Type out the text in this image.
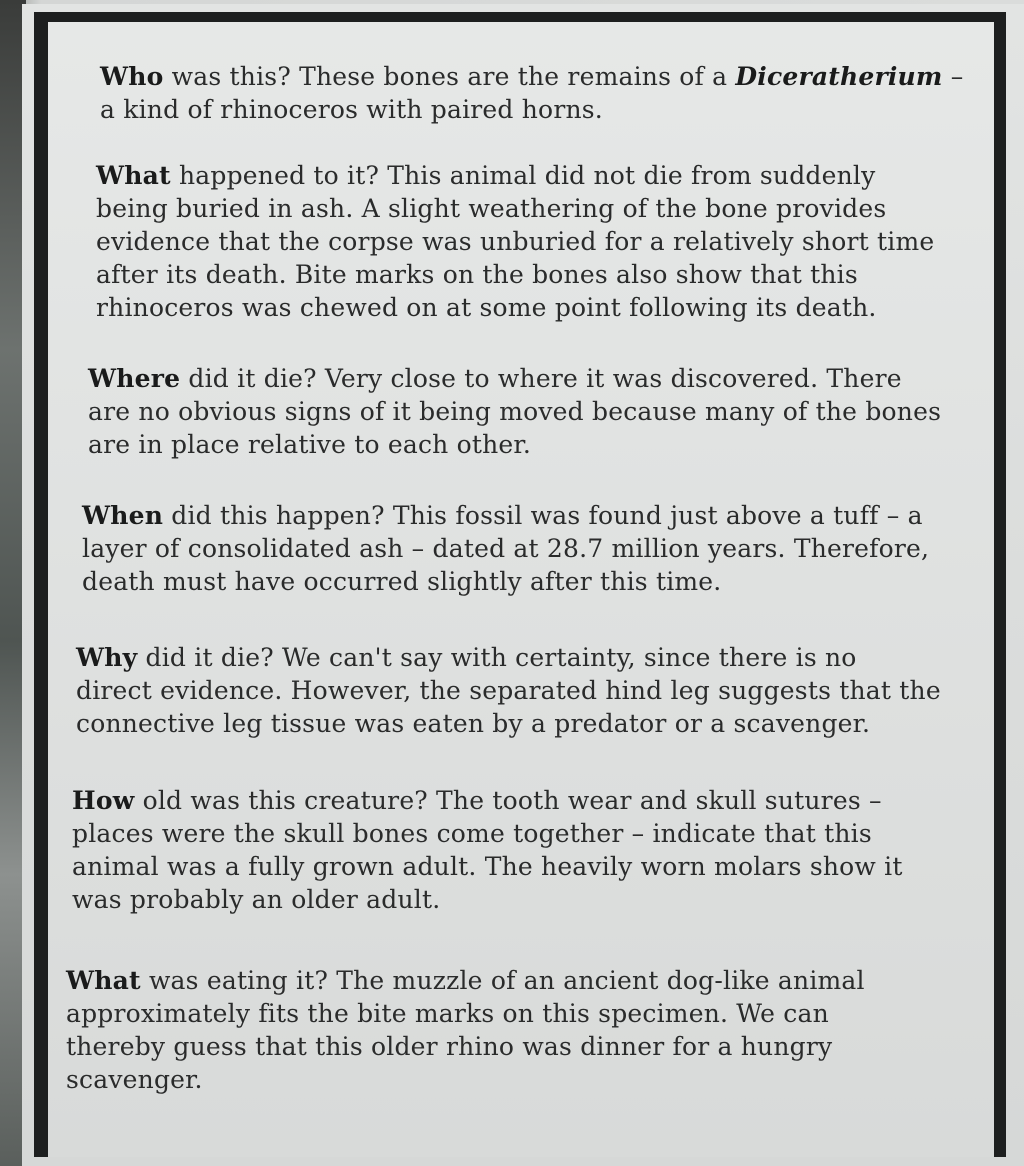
Who was this? These bones are the remains of a Diceratherium –
a kind of rhinoceros with paired horns.

What happened to it? This animal did not die from suddenly
being buried in ash. A slight weathering of the bone provides
evidence that the corpse was unburied for a relatively short time
after its death. Bite marks on the bones also show that this
rhinoceros was chewed on at some point following its death.

Where did it die? Very close to where it was discovered. There
are no obvious signs of it being moved because many of the bones
are in place relative to each other.

When did this happen? This fossil was found just above a tuff – a
layer of consolidated ash – dated at 28.7 million years. Therefore,
death must have occurred slightly after this time.

Why did it die? We can't say with certainty, since there is no
direct evidence. However, the separated hind leg suggests that the
connective leg tissue was eaten by a predator or a scavenger.

How old was this creature? The tooth wear and skull sutures –
places were the skull bones come together – indicate that this
animal was a fully grown adult. The heavily worn molars show it
was probably an older adult.

What was eating it? The muzzle of an ancient dog-like animal
approximately fits the bite marks on this specimen. We can
thereby guess that this older rhino was dinner for a hungry
scavenger.
